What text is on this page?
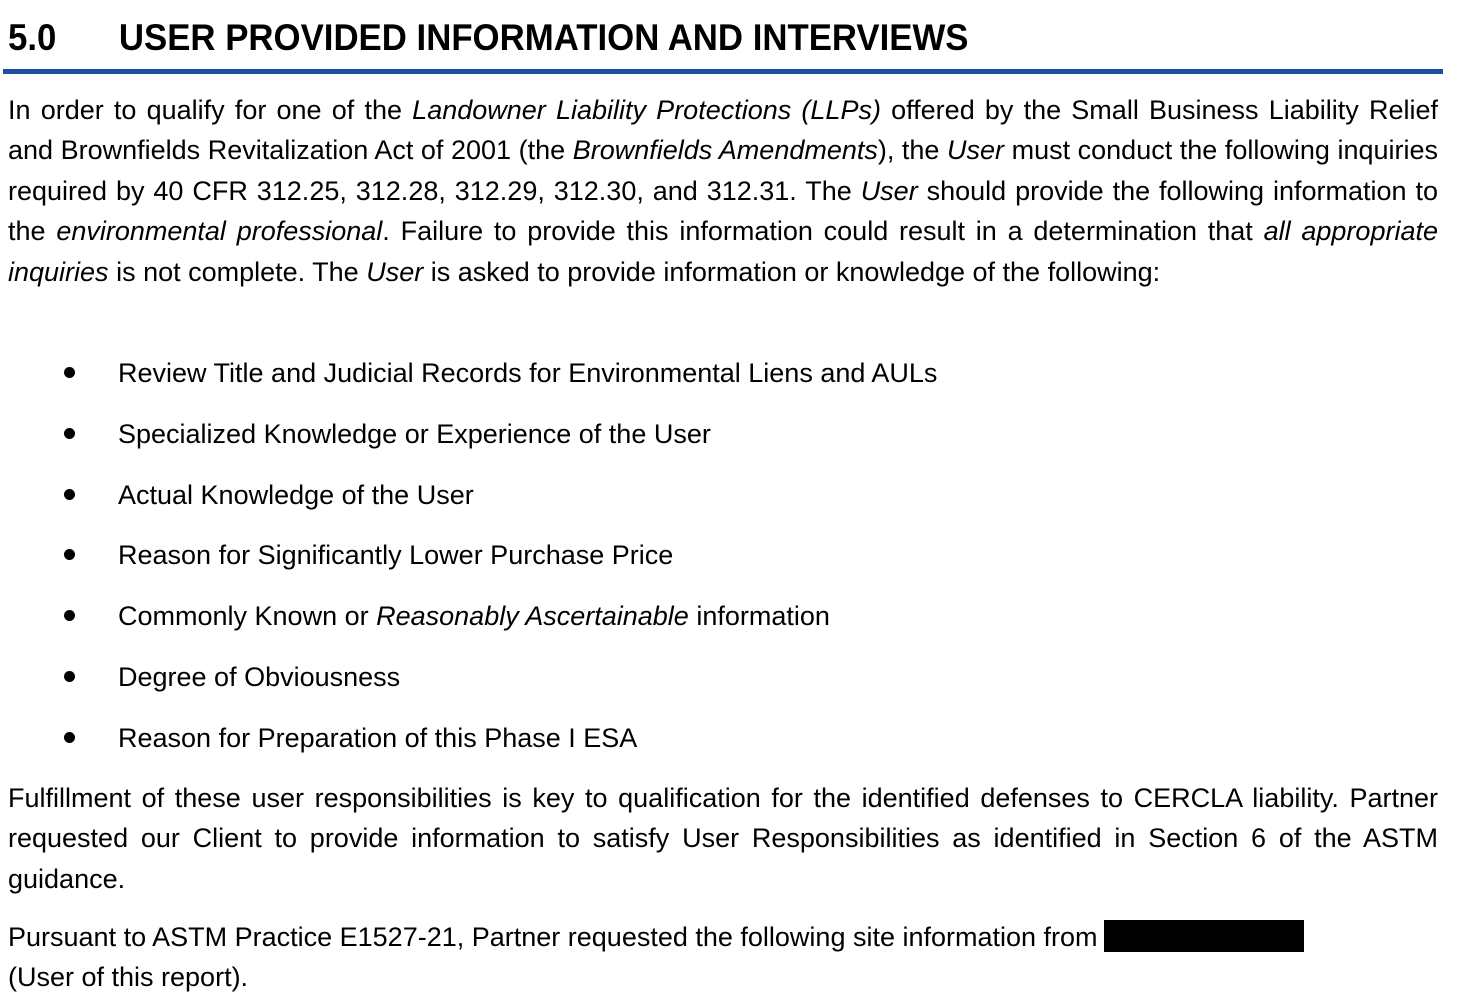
5.0	USER PROVIDED INFORMATION AND INTERVIEWS

In order to qualify for one of the Landowner Liability Protections (LLPs) offered by the Small Business Liability Relief and Brownfields Revitalization Act of 2001 (the Brownfields Amendments), the User must conduct the following inquiries required by 40 CFR 312.25, 312.28, 312.29, 312.30, and 312.31. The User should provide the following information to the environmental professional. Failure to provide this information could result in a determination that all appropriate inquiries is not complete. The User is asked to provide information or knowledge of the following:

Review Title and Judicial Records for Environmental Liens and AULs
Specialized Knowledge or Experience of the User
Actual Knowledge of the User
Reason for Significantly Lower Purchase Price
Commonly Known or Reasonably Ascertainable information
Degree of Obviousness
Reason for Preparation of this Phase I ESA

Fulfillment of these user responsibilities is key to qualification for the identified defenses to CERCLA liability. Partner requested our Client to provide information to satisfy User Responsibilities as identified in Section 6 of the ASTM guidance.

Pursuant to ASTM Practice E1527-21, Partner requested the following site information from
(User of this report).
